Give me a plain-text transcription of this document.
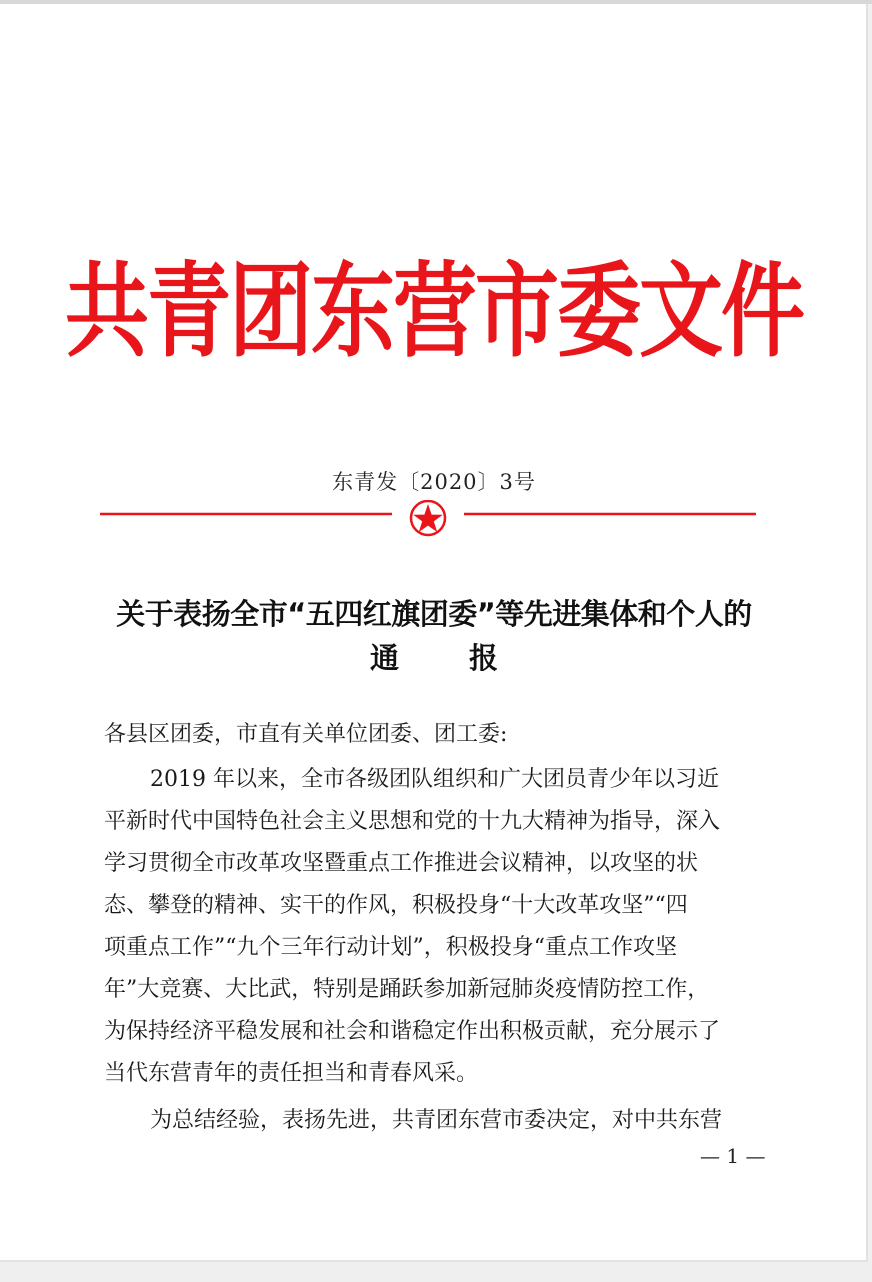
共青团东营市委文件
东青发〔2020〕3号
关于表扬全市“五四红旗团委”等先进集体和个人的
通 报
各县区团委，市直有关单位团委、团工委:
2019 年以来，全市各级团队组织和广大团员青少年以习近
平新时代中国特色社会主义思想和党的十九大精神为指导，深入
学习贯彻全市改革攻坚暨重点工作推进会议精神，以攻坚的状
态、攀登的精神、实干的作风，积极投身“十大改革攻坚”“四
项重点工作”“九个三年行动计划”，积极投身“重点工作攻坚
年”大竞赛、大比武，特别是踊跃参加新冠肺炎疫情防控工作，
为保持经济平稳发展和社会和谐稳定作出积极贡献，充分展示了
当代东营青年的责任担当和青春风采。
为总结经验，表扬先进，共青团东营市委决定，对中共东营
— 1 —
